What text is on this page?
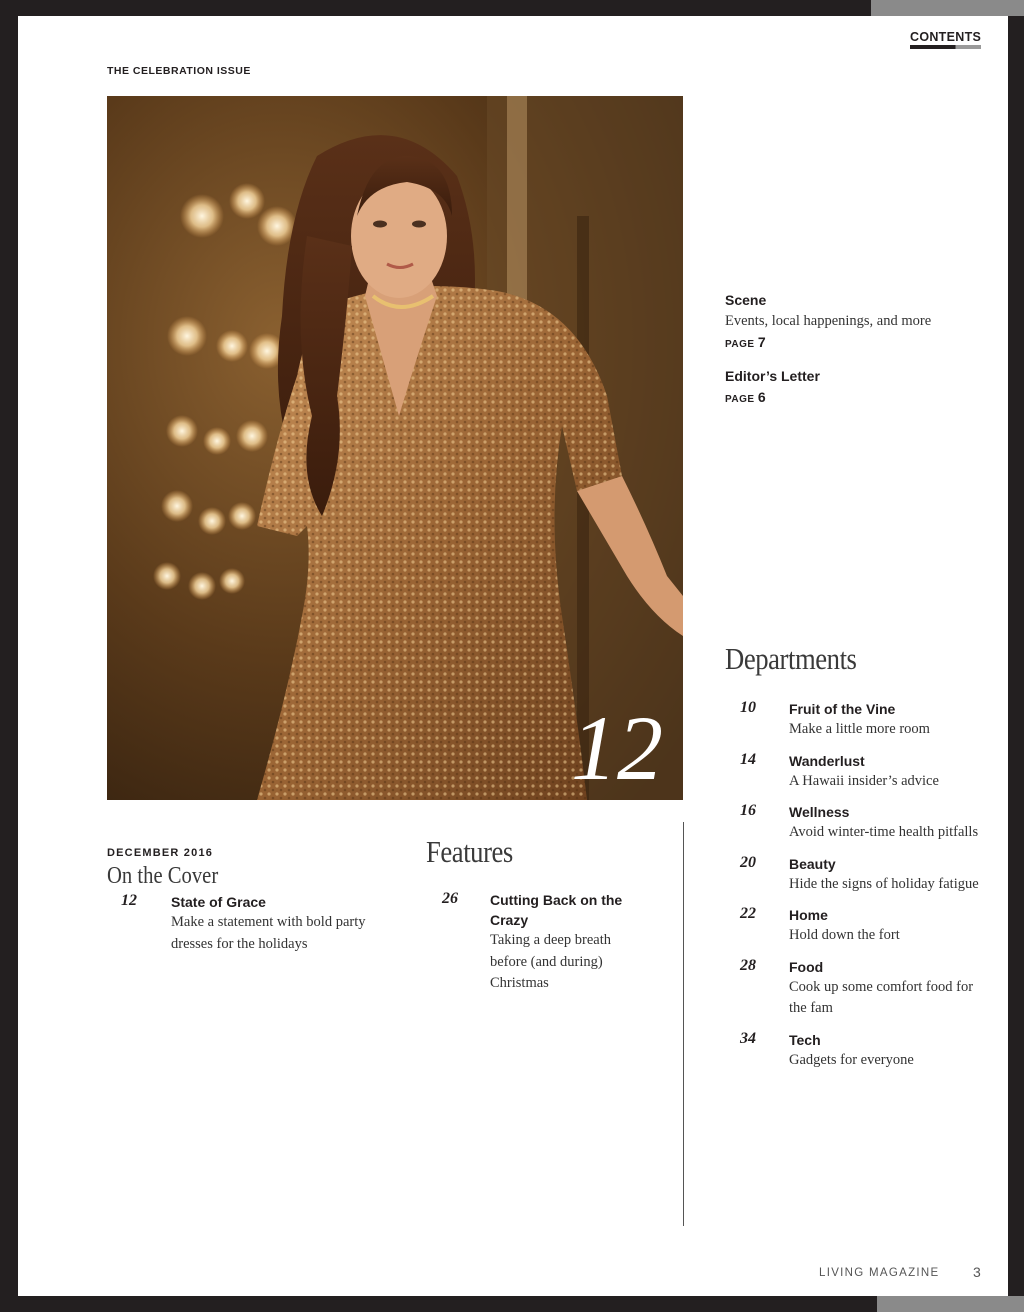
CONTENTS
THE CELEBRATION ISSUE
12
Scene
Events, local happenings, and more
PAGE 7
Editor’s Letter
PAGE 6
Departments
10	Fruit of the Vine
Make a little more room
14	Wanderlust
A Hawaii insider’s advice
16	Wellness
Avoid winter-time health pitfalls
20	Beauty
Hide the signs of holiday fatigue
22	Home
Hold down the fort
28	Food
Cook up some comfort food for the fam
34	Tech
Gadgets for everyone
DECEMBER 2016
On the Cover
12	State of Grace
Make a statement with bold party dresses for the holidays
Features
26	Cutting Back on the Crazy
Taking a deep breath before (and during) Christmas
LIVING MAGAZINE 3
